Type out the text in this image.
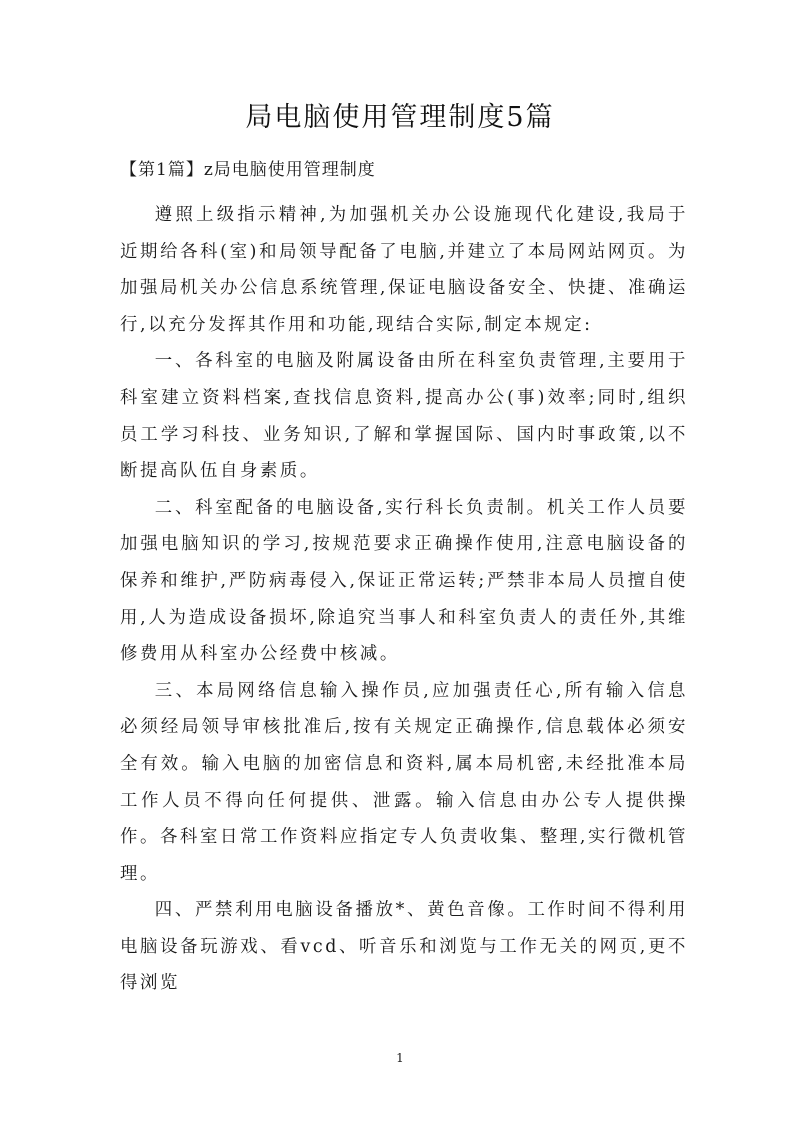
局电脑使用管理制度5篇
【第1篇】z局电脑使用管理制度

遵照上级指示精神,为加强机关办公设施现代化建设,我局于近期给各科(室)和局领导配备了电脑,并建立了本局网站网页。为加强局机关办公信息系统管理,保证电脑设备安全、快捷、准确运行,以充分发挥其作用和功能,现结合实际,制定本规定:

一、各科室的电脑及附属设备由所在科室负责管理,主要用于科室建立资料档案,查找信息资料,提高办公(事)效率;同时,组织员工学习科技、业务知识,了解和掌握国际、国内时事政策,以不断提高队伍自身素质。

二、科室配备的电脑设备,实行科长负责制。机关工作人员要加强电脑知识的学习,按规范要求正确操作使用,注意电脑设备的保养和维护,严防病毒侵入,保证正常运转;严禁非本局人员擅自使用,人为造成设备损坏,除追究当事人和科室负责人的责任外,其维修费用从科室办公经费中核减。

三、本局网络信息输入操作员,应加强责任心,所有输入信息必须经局领导审核批准后,按有关规定正确操作,信息载体必须安全有效。输入电脑的加密信息和资料,属本局机密,未经批准本局工作人员不得向任何提供、泄露。输入信息由办公专人提供操作。各科室日常工作资料应指定专人负责收集、整理,实行微机管理。

四、严禁利用电脑设备播放*、黄色音像。工作时间不得利用电脑设备玩游戏、看vcd、听音乐和浏览与工作无关的网页,更不得浏览

1
